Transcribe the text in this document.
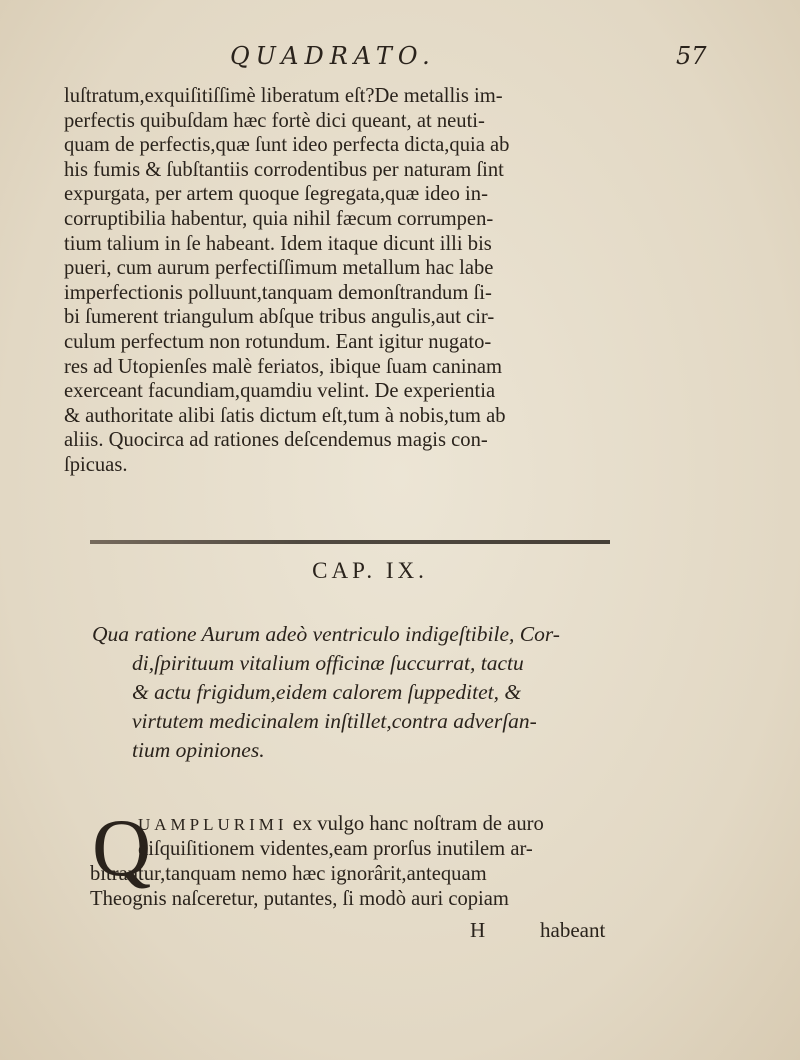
QUADRATO.	57
luſtratum,exquiſitiſſimè liberatum eſt?De metallis im-
perfectis quibuſdam hæc fortè dici queant, at neuti-
quam de perfectis,quæ ſunt ideo perfecta dicta,quia ab
his fumis & ſubſtantiis corrodentibus per naturam ſint
expurgata, per artem quoque ſegregata,quæ ideo in-
corruptibilia habentur, quia nihil fæcum corrumpen-
tium talium in ſe habeant. Idem itaque dicunt illi bis
pueri, cum aurum perfectiſſimum metallum hac labe
imperfectionis polluunt,tanquam demonſtrandum ſi-
bi ſumerent triangulum abſque tribus angulis,aut cir-
culum perfectum non rotundum. Eant igitur nugato-
res ad Utopienſes malè feriatos, ibique ſuam caninam
exerceant facundiam,quamdiu velint. De experientia
& authoritate alibi ſatis dictum eſt,tum à nobis,tum ab
aliis. Quocirca ad rationes deſcendemus magis con-
ſpicuas.
CAP. IX.
Qua ratione Aurum adeò ventriculo indigeſtibile, Cor-
di,ſpirituum vitalium officinæ ſuccurrat, tactu
& actu frigidum,eidem calorem ſuppeditet, &
virtutem medicinalem inſtillet,contra adverſan-
tium opiniones.
Q
UAMPLURIMI ex vulgo hanc noſtram de auro
diſquiſitionem videntes,eam prorſus inutilem ar-
bitrantur,tanquam nemo hæc ignorârit,antequam
Theognis naſceretur, putantes, ſi modò auri copiam
H	habeant
